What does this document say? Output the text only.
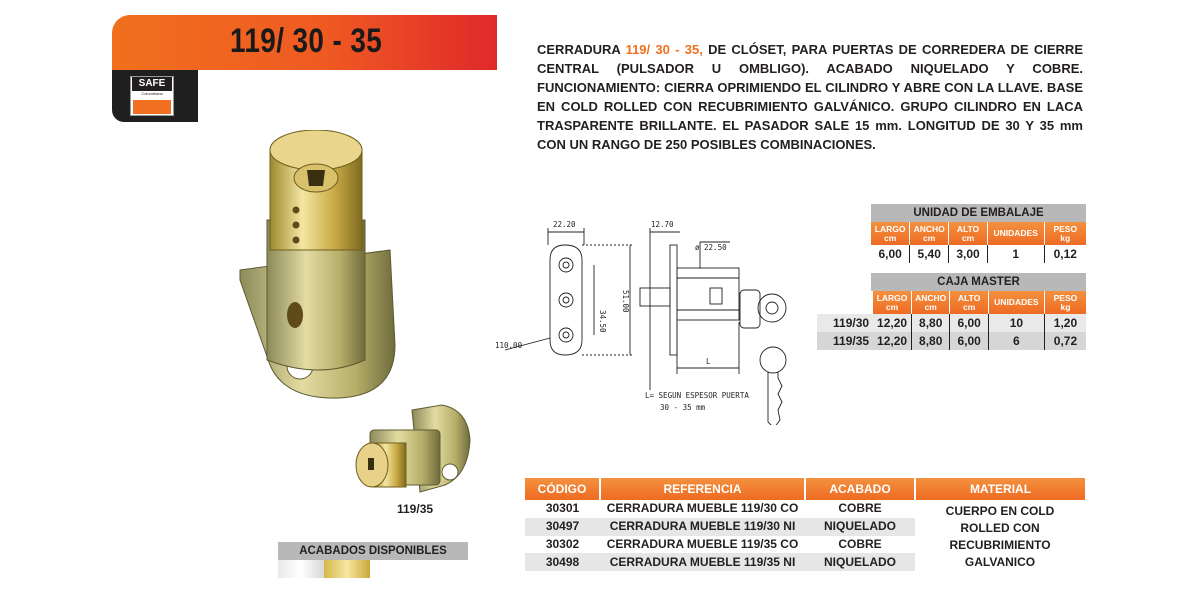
119/ 30 - 35
SAFE
Colombiana
CERRADURA 119/ 30 - 35, DE CLÓSET, PARA PUERTAS DE CORREDERA DE CIERRE CENTRAL (PULSADOR U OMBLIGO). ACABADO NIQUELADO Y COBRE. FUNCIONAMIENTO: CIERRA OPRIMIENDO EL CILINDRO Y ABRE CON LA LLAVE. BASE EN COLD ROLLED CON RECUBRIMIENTO GALVÁNICO. GRUPO CILINDRO EN LACA TRASPARENTE BRILLANTE. EL PASADOR SALE 15 mm. LONGITUD DE 30 Y 35 mm CON UN RANGO DE 250 POSIBLES COMBINACIONES.
119/35
ACABADOS DISPONIBLES
22.20	12.70
ø 22.50
34.50
51.00
110.00
L
L= SEGUN ESPESOR PUERTA
30 - 35 mm
UNIDAD DE EMBALAJE				
LARGO
cm	ANCHO
cm	ALTO
cm	UNIDADES	PESO
kg
6,00	5,40	3,00	1	0,12
CAJA MASTER
	LARGO
cm	ANCHO
cm	ALTO
cm	UNIDADES	PESO
kg
119/30	12,20	8,80	6,00	10	1,20
119/35	12,20	8,80	6,00	6	0,72
CÓDIGO	REFERENCIA	ACABADO	MATERIAL
30301	CERRADURA MUEBLE 119/30 CO	COBRE	CUERPO EN COLD
ROLLED CON
RECUBRIMIENTO
GALVANICO

30497	CERRADURA MUEBLE 119/30 NI	NIQUELADO	
30302	CERRADURA MUEBLE 119/35 CO	COBRE	
30498	CERRADURA MUEBLE 119/35 NI	NIQUELADO	
